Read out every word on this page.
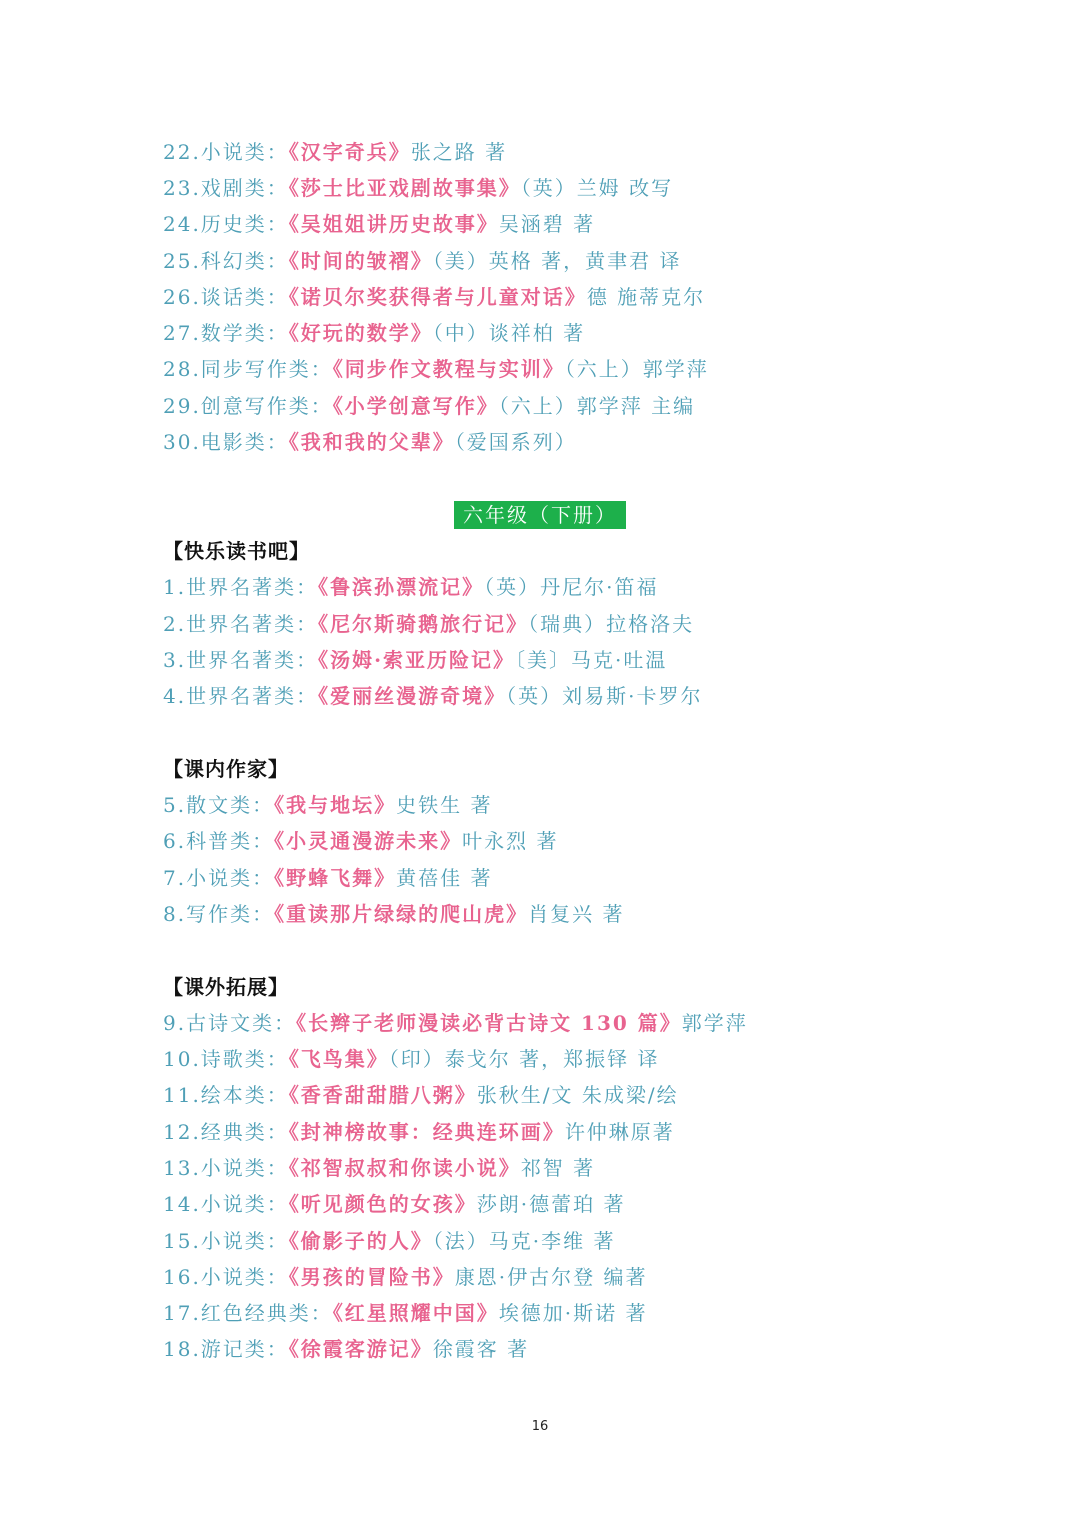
22.小说类：《汉字奇兵》张之路 著
23.戏剧类：《莎士比亚戏剧故事集》（英）兰姆 改写
24.历史类：《吴姐姐讲历史故事》吴涵碧 著
25.科幻类：《时间的皱褶》（美）英格 著，黄聿君 译
26.谈话类：《诺贝尔奖获得者与儿童对话》德 施蒂克尔
27.数学类：《好玩的数学》（中）谈祥柏 著
28.同步写作类：《同步作文教程与实训》（六上）郭学萍
29.创意写作类：《小学创意写作》（六上）郭学萍 主编
30.电影类：《我和我的父辈》（爱国系列）
六年级（下册）
【快乐读书吧】
1.世界名著类：《鲁滨孙漂流记》（英）丹尼尔·笛福
2.世界名著类：《尼尔斯骑鹅旅行记》（瑞典）拉格洛夫
3.世界名著类：《汤姆·索亚历险记》〔美〕马克·吐温
4.世界名著类：《爱丽丝漫游奇境》（英）刘易斯·卡罗尔
【课内作家】
5.散文类：《我与地坛》史铁生 著
6.科普类：《小灵通漫游未来》叶永烈 著
7.小说类：《野蜂飞舞》黄蓓佳 著
8.写作类：《重读那片绿绿的爬山虎》肖复兴 著
【课外拓展】
9.古诗文类：《长辫子老师漫读必背古诗文 130 篇》郭学萍
10.诗歌类：《飞鸟集》（印）泰戈尔 著，郑振铎 译
11.绘本类：《香香甜甜腊八粥》张秋生/文 朱成梁/绘
12.经典类：《封神榜故事：经典连环画》许仲琳原著
13.小说类：《祁智叔叔和你读小说》祁智 著
14.小说类：《听见颜色的女孩》莎朗·德蕾珀 著
15.小说类：《偷影子的人》（法）马克·李维 著
16.小说类：《男孩的冒险书》康恩·伊古尔登 编著
17.红色经典类：《红星照耀中国》埃德加·斯诺 著
18.游记类：《徐霞客游记》徐霞客 著
16
